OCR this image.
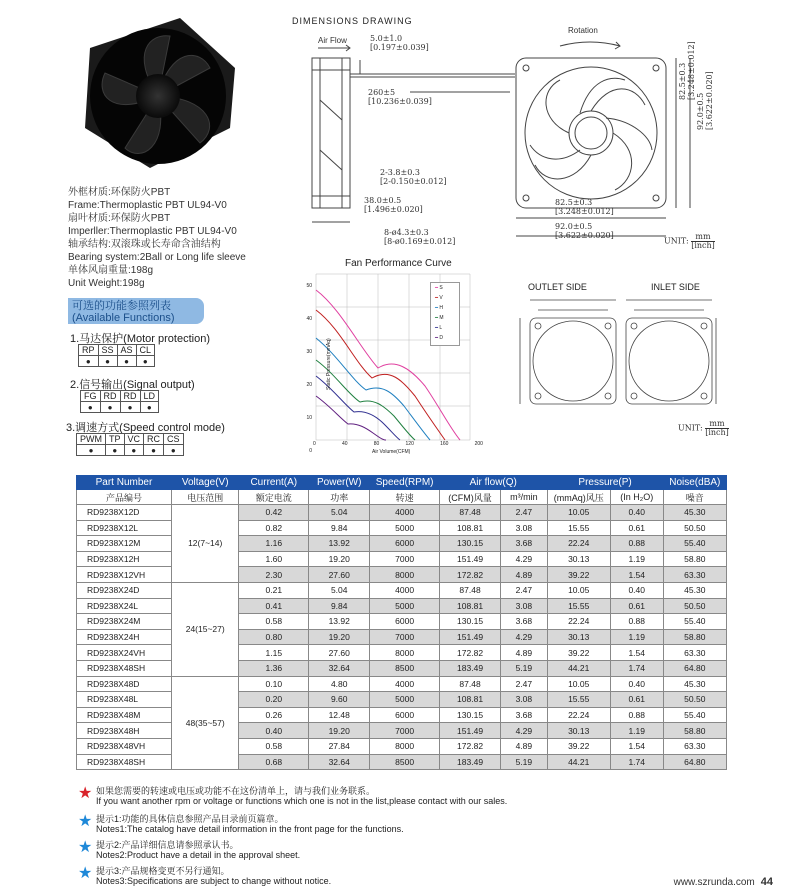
外框材质:环保防火PBT
Frame:Thermoplastic PBT UL94-V0
扇叶材质:环保防火PBT
Imperller:Thermoplastic PBT UL94-V0
轴承结构:双滚珠或长寿命含油结构
Bearing system:2Ball or Long life sleeve
单体风扇重量:198g
Unit Weight:198g
可选的功能参照列表
(Available Functions)
1.马达保护(Motor protection)
RP	SS	AS	CL
●	●	●	●
2.信号输出(Signal output)
FG	RD	RD	LD
●	●	●	●
3.调速方式(Speed control mode)
PWM	TP	VC	RC	CS
●	●	●	●	●
DIMENSIONS DRAWING
Air Flow
Rotation
5.0±1.0
[0.197±0.039]
260±5
[10.236±0.039]
2-3.8±0.3
[2-0.150±0.012]
38.0±0.5
[1.496±0.020]
8-ø4.3±0.3
[8-ø0.169±0.012]
82.5±0.3
[3.248±0.012]
92.0±0.5
[3.622±0.020]
82.5±0.3 [3.248±0.012]
92.0±0.5 [3.622±0.020]
UNIT: mm
[inch]
Fan Performance Curve
50
40
30
20
10
0
0	40	80	120	160	200
Air Volume(CFM)
Static Pressure(mmAq)
━ S
━ V
━ H
━ M
━ L
━ D
OUTLET SIDE	INLET SIDE
UNIT: mm
[inch]
Part Number	Voltage(V)	Current(A)	Power(W)	Speed(RPM)	Air flow(Q)		Pressure(P)		Noise(dBA)
产品编号	电压范围	额定电流	功率	转速	(CFM)风量	m³/min	(mmAq)风压	(In H₂O)	噪音
RD9238X12D	12(7~14)	0.42	5.04	4000	87.48	2.47	10.05	0.40	45.30
RD9238X12L		0.82	9.84	5000	108.81	3.08	15.55	0.61	50.50
RD9238X12M		1.16	13.92	6000	130.15	3.68	22.24	0.88	55.40
RD9238X12H		1.60	19.20	7000	151.49	4.29	30.13	1.19	58.80
RD9238X12VH		2.30	27.60	8000	172.82	4.89	39.22	1.54	63.30
RD9238X24D	24(15~27)	0.21	5.04	4000	87.48	2.47	10.05	0.40	45.30
RD9238X24L		0.41	9.84	5000	108.81	3.08	15.55	0.61	50.50
RD9238X24M		0.58	13.92	6000	130.15	3.68	22.24	0.88	55.40
RD9238X24H		0.80	19.20	7000	151.49	4.29	30.13	1.19	58.80
RD9238X24VH		1.15	27.60	8000	172.82	4.89	39.22	1.54	63.30
RD9238X48SH		1.36	32.64	8500	183.49	5.19	44.21	1.74	64.80
RD9238X48D	48(35~57)	0.10	4.80	4000	87.48	2.47	10.05	0.40	45.30
RD9238X48L		0.20	9.60	5000	108.81	3.08	15.55	0.61	50.50
RD9238X48M		0.26	12.48	6000	130.15	3.68	22.24	0.88	55.40
RD9238X48H		0.40	19.20	7000	151.49	4.29	30.13	1.19	58.80
RD9238X48VH		0.58	27.84	8000	172.82	4.89	39.22	1.54	63.30
RD9238X48SH		0.68	32.64	8500	183.49	5.19	44.21	1.74	64.80
★ 如果您需要的转速或电压或功能不在这份清单上，请与我们业务联系。
If you want another rpm or voltage or functions which one is not in the list,please contact with our sales.
★ 提示1:功能的具体信息参照产品目录前页篇章。
Notes1:The catalog have detail information in the front page for the functions.
★ 提示2:产品详细信息请参照承认书。
Notes2:Product have a detail in the approval sheet.
★ 提示3:产品规格变更不另行通知。
Notes3:Specifications are subject to change without notice.	www.szrunda.com 44
